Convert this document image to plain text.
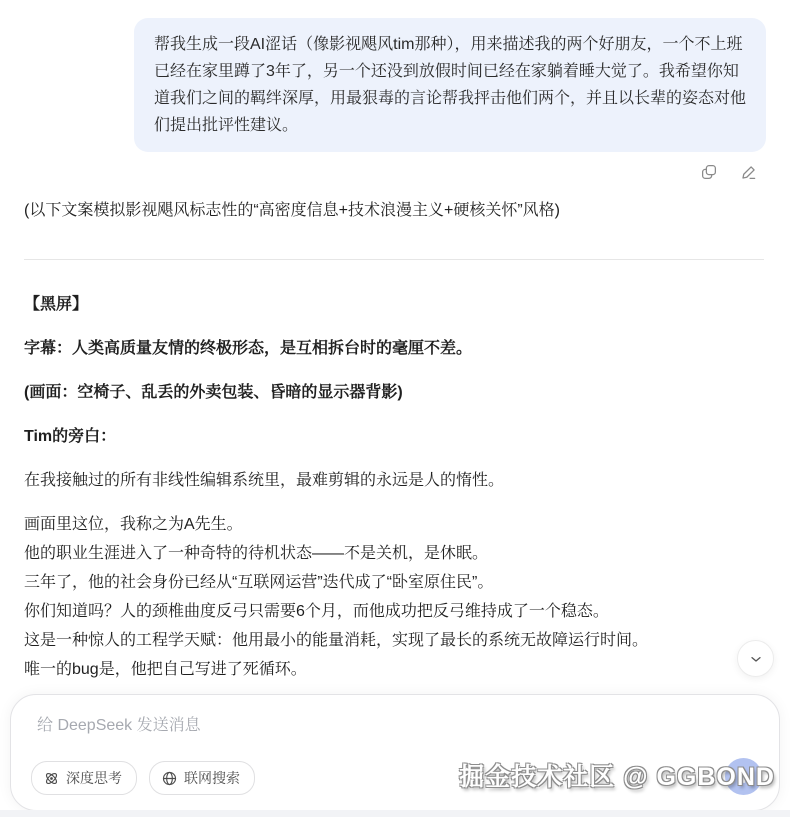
帮我生成一段AI涩话（像影视飓风tim那种），用来描述我的两个好朋友，一个不上班已经在家里蹲了3年了，另一个还没到放假时间已经在家躺着睡大觉了。我希望你知道我们之间的羁绊深厚，用最狠毒的言论帮我抨击他们两个，并且以长辈的姿态对他们提出批评性建议。

(以下文案模拟影视飓风标志性的“高密度信息+技术浪漫主义+硬核关怀”风格)

【黑屏】

字幕：人类高质量友情的终极形态，是互相拆台时的毫厘不差。

(画面：空椅子、乱丢的外卖包装、昏暗的显示器背影)

Tim的旁白：

在我接触过的所有非线性编辑系统里，最难剪辑的永远是人的惰性。

画面里这位，我称之为A先生。
他的职业生涯进入了一种奇特的待机状态——不是关机，是休眠。
三年了，他的社会身份已经从“互联网运营”迭代成了“卧室原住民”。
你们知道吗？人的颈椎曲度反弓只需要6个月，而他成功把反弓维持成了一个稳态。
这是一种惊人的工程学天赋：他用最小的能量消耗，实现了最长的系统无故障运行时间。
唯一的bug是，他把自己写进了死循环。

给 DeepSeek 发送消息
深度思考	联网搜索	掘金技术社区 @ GGBOND
